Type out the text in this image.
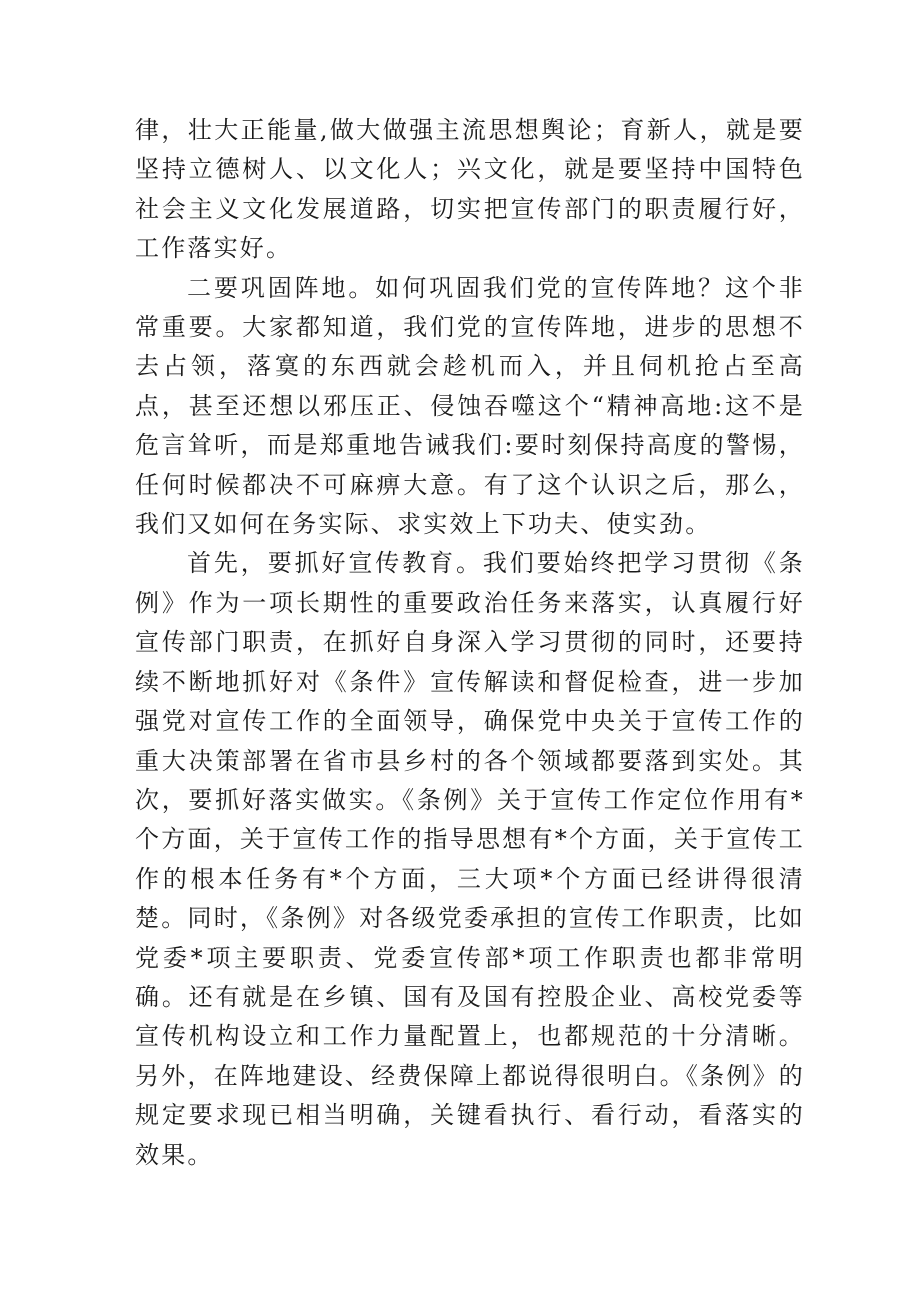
律，壮大正能量,做大做强主流思想舆论；育新人，就是要坚持立德树人、以文化人；兴文化，就是要坚持中国特色社会主义文化发展道路，切实把宣传部门的职责履行好，工作落实好。

二要巩固阵地。如何巩固我们党的宣传阵地？这个非常重要。大家都知道，我们党的宣传阵地，进步的思想不去占领，落寞的东西就会趁机而入，并且伺机抢占至高点，甚至还想以邪压正、侵蚀吞噬这个“精神高地:这不是危言耸听，而是郑重地告诫我们:要时刻保持高度的警惕，任何时候都决不可麻痹大意。有了这个认识之后，那么，我们又如何在务实际、求实效上下功夫、使实劲。

首先，要抓好宣传教育。我们要始终把学习贯彻《条例》作为一项长期性的重要政治任务来落实，认真履行好宣传部门职责，在抓好自身深入学习贯彻的同时，还要持续不断地抓好对《条件》宣传解读和督促检查，进一步加强党对宣传工作的全面领导，确保党中央关于宣传工作的重大决策部署在省市县乡村的各个领域都要落到实处。其次，要抓好落实做实。《条例》关于宣传工作定位作用有*个方面，关于宣传工作的指导思想有*个方面，关于宣传工作的根本任务有*个方面，三大项*个方面已经讲得很清楚。同时，《条例》对各级党委承担的宣传工作职责，比如党委*项主要职责、党委宣传部*项工作职责也都非常明确。还有就是在乡镇、国有及国有控股企业、高校党委等宣传机构设立和工作力量配置上，也都规范的十分清晰。另外，在阵地建设、经费保障上都说得很明白。《条例》的规定要求现已相当明确，关键看执行、看行动，看落实的效果。
